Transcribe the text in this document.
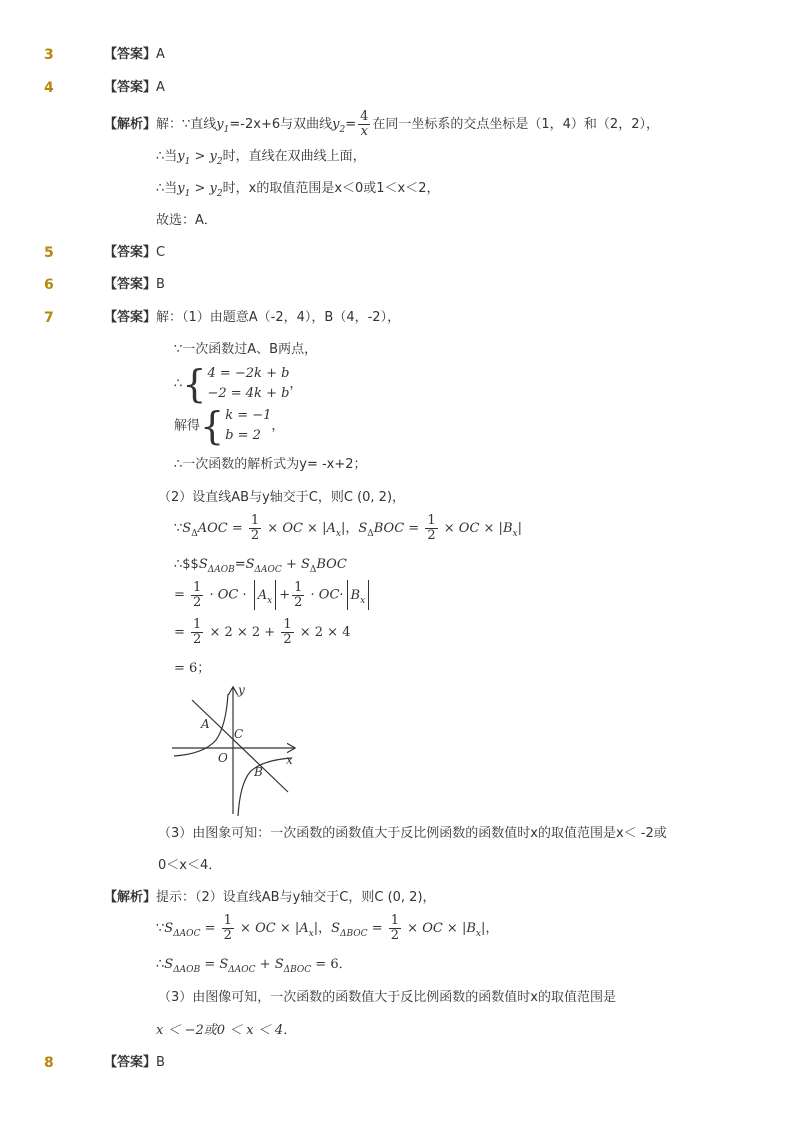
3	【答案】A
4	【答案】A
【解析】解：∵直线$y_1=-2x+6$与双曲线$y_2= \frac{4}{x}$ 在同一坐标系的交点坐标是（1，4）和（2，2），
∴当$y_1 > y_2$时，直线在双曲线上面，
∴当$y_1 > y_2$时，x的取值范围是x＜0或1＜x＜2，
故选：A．
5	【答案】C
6	【答案】B
7	【答案】解：（1）由题意A（-2，4），B（4，-2），
∵一次函数过A、B两点，
∴{ 4 = −2k + b
−2 = 4k + b
，
解得{ k = −1
b = 2
，
∴一次函数的解析式为y= -x+2；
（2）设直线AB与y轴交于C，则C (0, 2)，
$\because S_\Delta AOC = \frac{1}{2}$ × OC × $|A_x|$，$S_\Delta BOC = \frac{1}{2}$ × OC × $|B_x|$
$\therefore\$\$S_{\Delta AOB}=S_{\Delta AOC} + S_\Delta BOC$
= $\frac{1}{2}$ · OC · $A_x + \frac{1}{2} \cdot OC\cdot B_x$
= $\frac{1}{2} \times 2 \times 2 + \frac{1}{2} \times 2 \times 4$
= 6；
y
x
A
B
C
O
（3）由图象可知：一次函数的函数值大于反比例函数的函数值时x的取值范围是x＜ -2或
0＜x＜4．
【解析】提示：（2）设直线AB与y轴交于C，则C (0, 2)，
$\because S_{\Delta AOC} = \frac{1}{2}$ × OC × $|A_x|$，$S_{\Delta BOC} = \frac{1}{2}$ × OC × $|B_x|$，
$\therefore S_{\Delta AOB} = S_{\Delta AOC} + S_{\Delta BOC} = 6$．
（3）由图像可知，一次函数的函数值大于反比例函数的函数值时x的取值范围是
x ＜ −2或0 ＜ x ＜ 4．
8	【答案】B
